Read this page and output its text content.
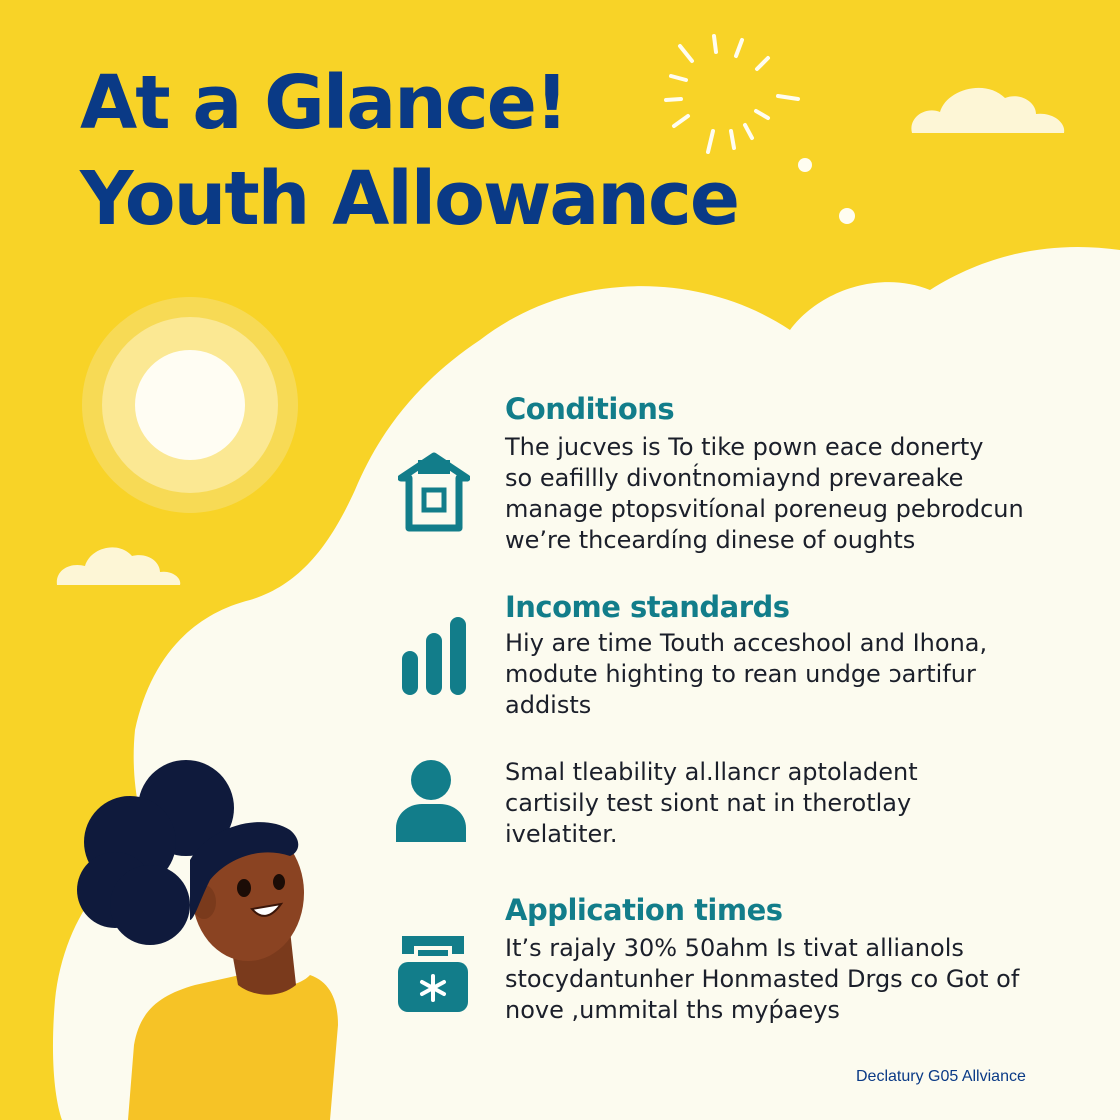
At a Glance!
Youth Allowance
Conditions
The jucves is To tike pown eace donerty
so eafillly divont́nomiaynd prevareake
manage ptopsvitíonal poreneug pebrodcun
we’re thceardíng dinese of oughts
Income standards
Hiy are time Touth acceshool and Ihona,
modute highting to rean undge ɔartifur
addists
Smal tleability al.llancr aptoladent
cartisily test siont nat in therotlay
ivelatiter.
Application times
It’s rajaly 30% 50ahm Is tivat allianols
stocydantunher Honmasted Drgs co Got of
nove ,ummital ths myṕaeys
Declatury G05 Allviance
